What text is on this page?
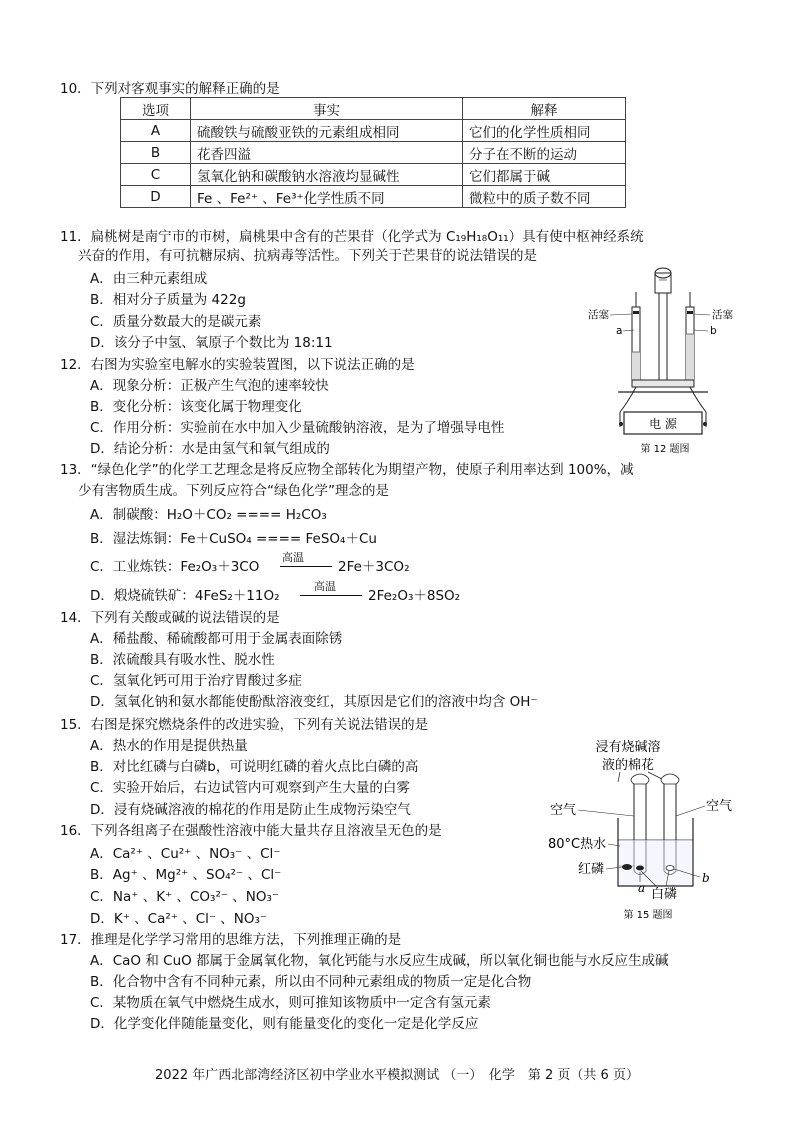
10．下列对客观事实的解释正确的是
选项	事实	解释
A	硫酸铁与硫酸亚铁的元素组成相同	它们的化学性质相同
B	花香四溢	分子在不断的运动
C	氢氧化钠和碳酸钠水溶液均显碱性	它们都属于碱
D	Fe 、Fe²⁺ 、Fe³⁺化学性质不同	微粒中的质子数不同
11．扁桃树是南宁市的市树，扁桃果中含有的芒果苷（化学式为 C₁₉H₁₈O₁₁）具有使中枢神经系统
兴奋的作用，有可抗糖尿病、抗病毒等活性。下列关于芒果苷的说法错误的是
A．由三种元素组成
B．相对分子质量为 422g
C．质量分数最大的是碳元素
D．该分子中氢、氧原子个数比为 18:11
12．右图为实验室电解水的实验装置图，以下说法正确的是
A．现象分析：正极产生气泡的速率较快
B．变化分析：该变化属于物理变化
C．作用分析：实验前在水中加入少量硫酸钠溶液，是为了增强导电性
D．结论分析：水是由氢气和氧气组成的
电 源
活塞
a
活塞
b
第 12 题图
13．“绿色化学”的化学工艺理念是将反应物全部转化为期望产物，使原子利用率达到 100%，减
少有害物质生成。下列反应符合“绿色化学”理念的是
A．制碳酸：H₂O＋CO₂ ==== H₂CO₃
B．湿法炼铜：Fe＋CuSO₄ ==== FeSO₄＋Cu
C．工业炼铁：Fe₂O₃＋3CO
高温
2Fe＋3CO₂
D．煅烧硫铁矿：4FeS₂＋11O₂
高温
2Fe₂O₃＋8SO₂
14．下列有关酸或碱的说法错误的是
A．稀盐酸、稀硫酸都可用于金属表面除锈
B．浓硫酸具有吸水性、脱水性
C．氢氧化钙可用于治疗胃酸过多症
D．氢氧化钠和氨水都能使酚酞溶液变红，其原因是它们的溶液中均含 OH⁻
15．右图是探究燃烧条件的改进实验，下列有关说法错误的是
A．热水的作用是提供热量
B．对比红磷与白磷b，可说明红磷的着火点比白磷的高
C．实验开始后，右边试管内可观察到产生大量的白雾
D．浸有烧碱溶液的棉花的作用是防止生成物污染空气
16．下列各组离子在强酸性溶液中能大量共存且溶液呈无色的是
A．Ca²⁺ 、Cu²⁺ 、NO₃⁻ 、Cl⁻
B．Ag⁺ 、Mg²⁺ 、SO₄²⁻ 、Cl⁻
C．Na⁺ 、K⁺ 、CO₃²⁻ 、NO₃⁻
D．K⁺ 、Ca²⁺ 、Cl⁻ 、NO₃⁻
浸有烧碱溶
液的棉花
空气	空气
80°C热水
红磷
a
b
白磷
第 15 题图
17．推理是化学学习常用的思维方法，下列推理正确的是
A．CaO 和 CuO 都属于金属氧化物，氧化钙能与水反应生成碱，所以氧化铜也能与水反应生成碱
B．化合物中含有不同种元素，所以由不同种元素组成的物质一定是化合物
C．某物质在氧气中燃烧生成水，则可推知该物质中一定含有氢元素
D．化学变化伴随能量变化，则有能量变化的变化一定是化学反应
2022 年广西北部湾经济区初中学业水平模拟测试 （一）　化学　第 2 页（共 6 页）
